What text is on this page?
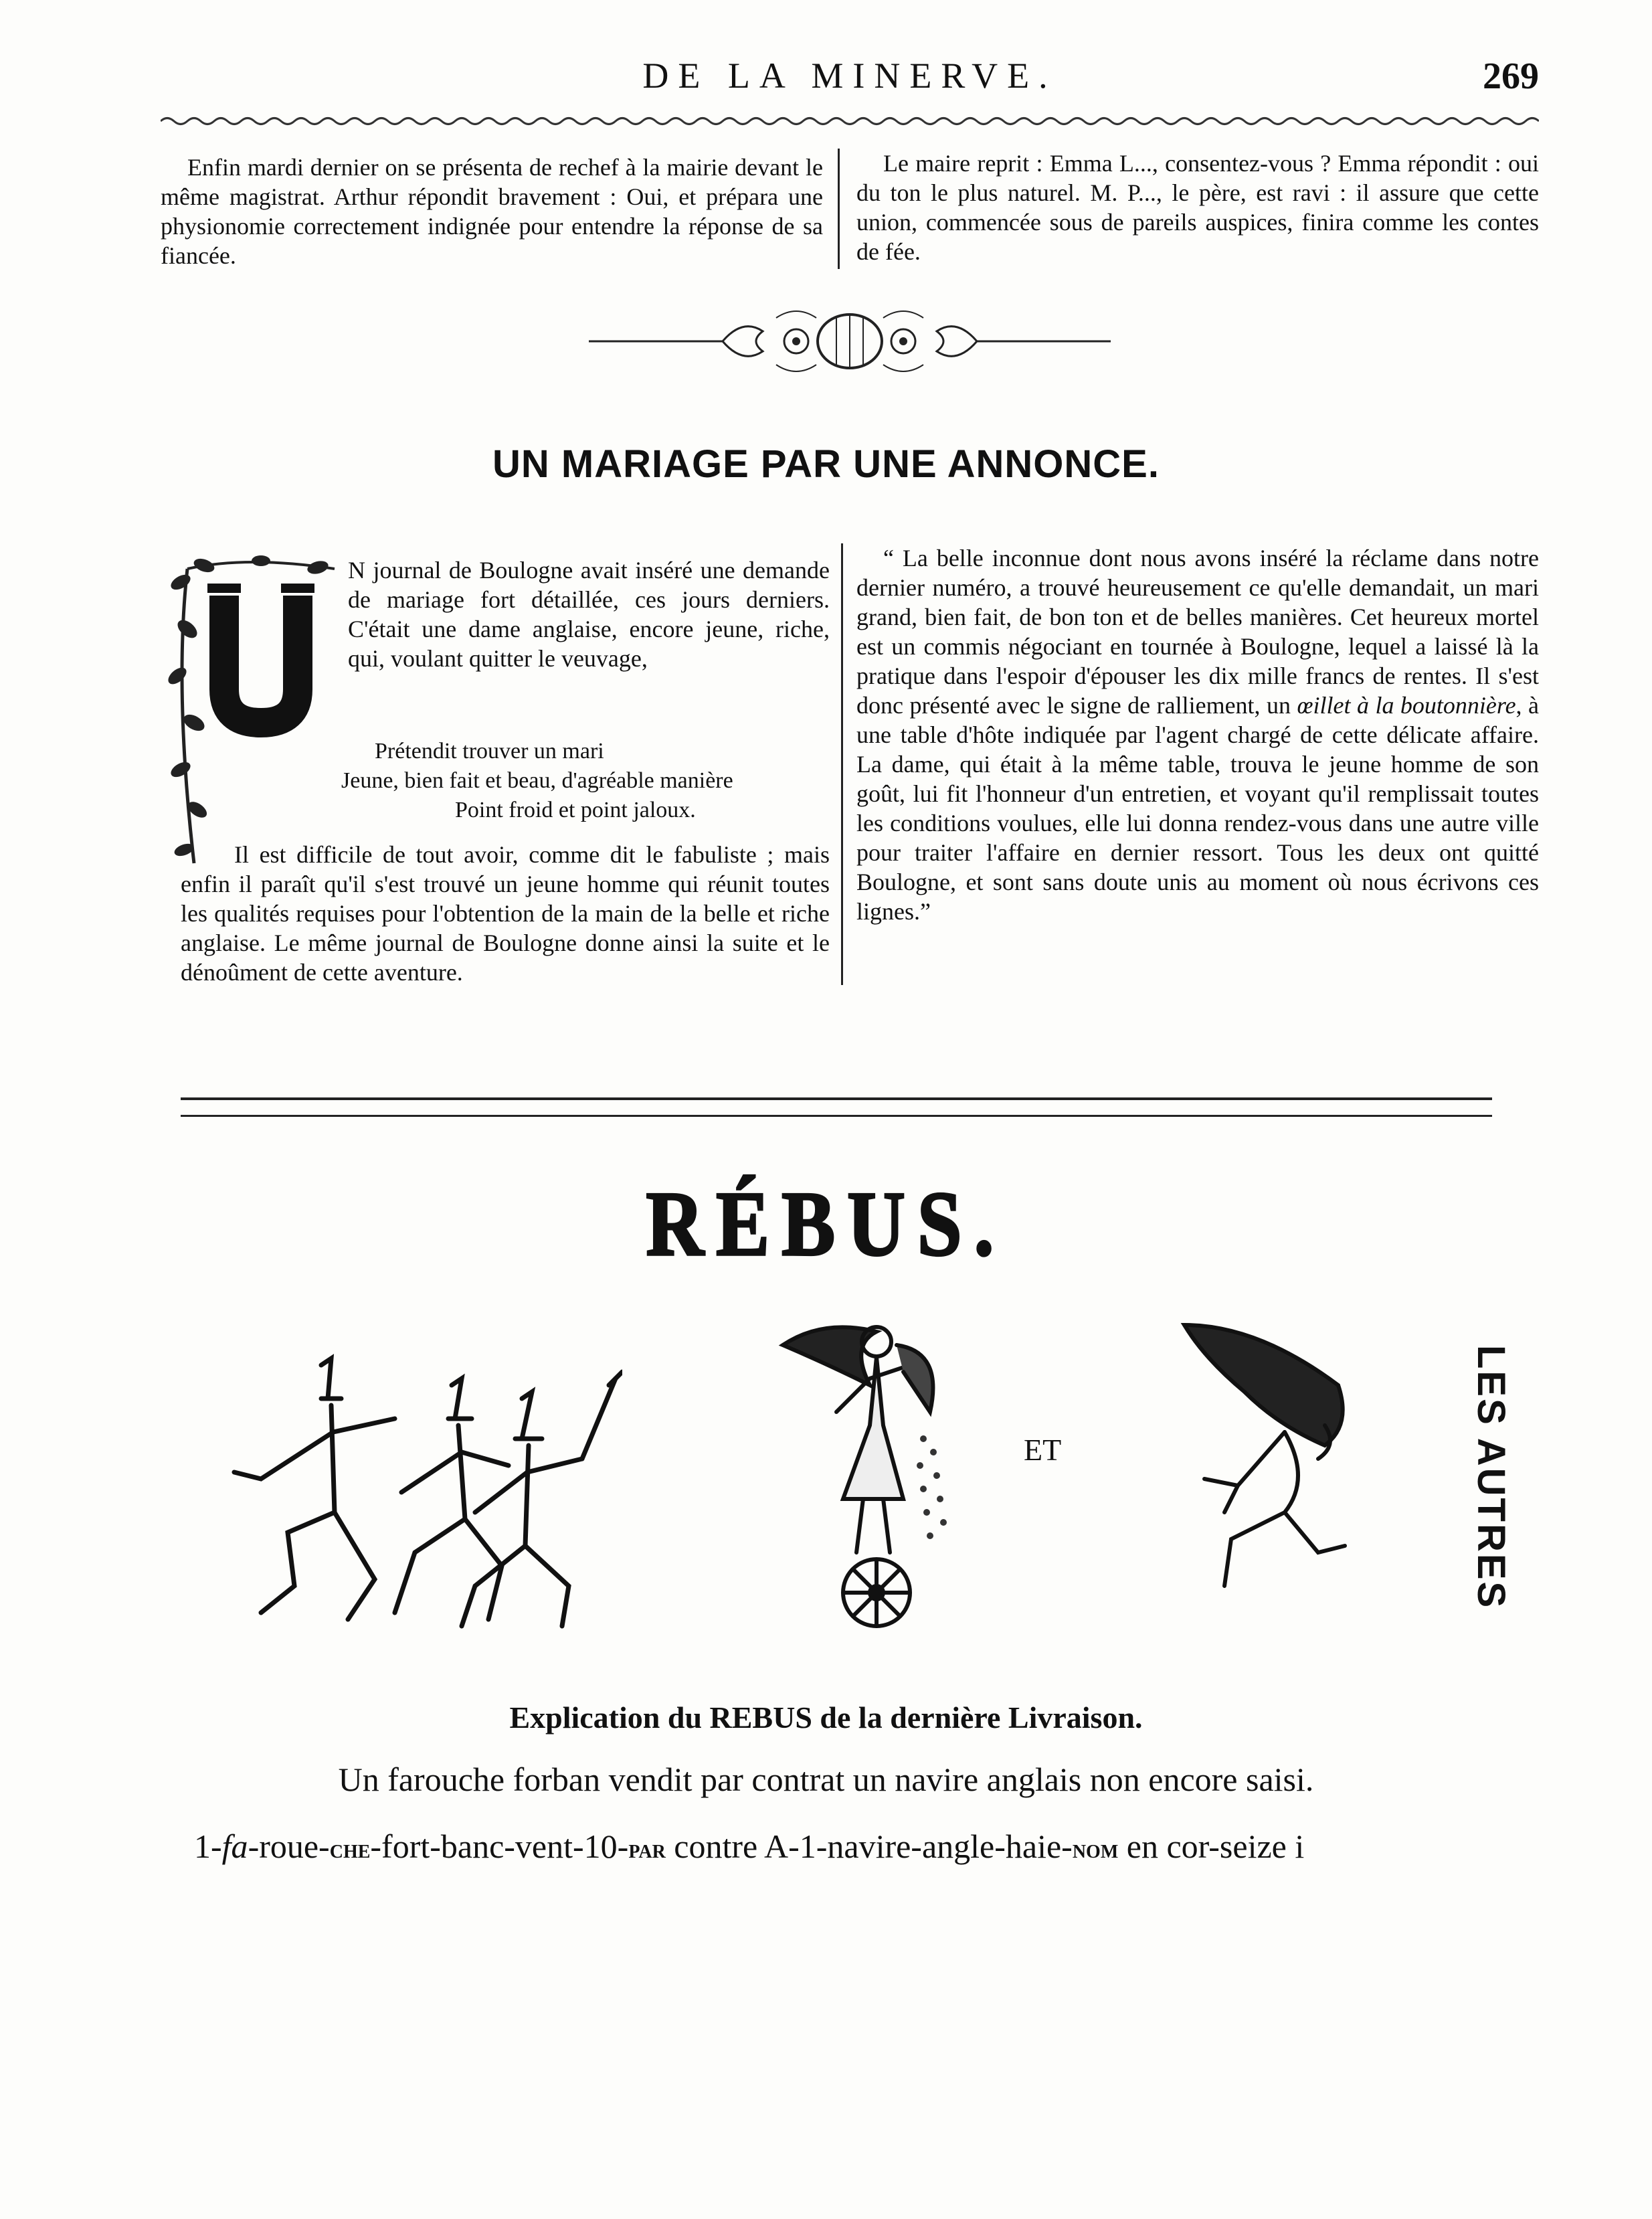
DE LA MINERVE.	269

Enfin mardi dernier on se présenta de rechef à la mairie devant le même magistrat. Arthur répondit bravement : Oui, et prépara une physionomie correctement indignée pour entendre la réponse de sa fiancée.

Le maire reprit : Emma L..., consentez-vous ? Emma répondit : oui du ton le plus naturel. M. P..., le père, est ravi : il assure que cette union, commencée sous de pareils auspices, finira comme les contes de fée.

UN MARIAGE PAR UNE ANNONCE.

N journal de Boulogne avait inséré une demande de mariage fort détaillée, ces jours derniers. C'était une dame anglaise, encore jeune, riche, qui, voulant quitter le veuvage,

Prétendit trouver un mari
Jeune, bien fait et beau, d'agréable manière
Point froid et point jaloux.

Il est difficile de tout avoir, comme dit le fabuliste ; mais enfin il paraît qu'il s'est trouvé un jeune homme qui réunit toutes les qualités requises pour l'obtention de la main de la belle et riche anglaise. Le même journal de Boulogne donne ainsi la suite et le dénoûment de cette aventure.

“ La belle inconnue dont nous avons inséré la réclame dans notre dernier numéro, a trouvé heureusement ce qu'elle demandait, un mari grand, bien fait, de bon ton et de belles manières. Cet heureux mortel est un commis négociant en tournée à Boulogne, lequel a laissé là la pratique dans l'espoir d'épouser les dix mille francs de rentes. Il s'est donc présenté avec le signe de ralliement, un œillet à la boutonnière, à une table d'hôte indiquée par l'agent chargé de cette délicate affaire. La dame, qui était à la même table, trouva le jeune homme de son goût, lui fit l'honneur d'un entretien, et voyant qu'il remplissait toutes les conditions voulues, elle lui donna rendez-vous dans une autre ville pour traiter l'affaire en dernier ressort. Tous les deux ont quitté Boulogne, et sont sans doute unis au moment où nous écrivons ces lignes.”

RÉBUS.
ET	LES AUTRES
Explication du REBUS de la dernière Livraison.
Un farouche forban vendit par contrat un navire anglais non encore saisi.
1-fa-roue-che-fort-banc-vent-10-par contre A-1-navire-angle-haie-nom en cor-seize i
